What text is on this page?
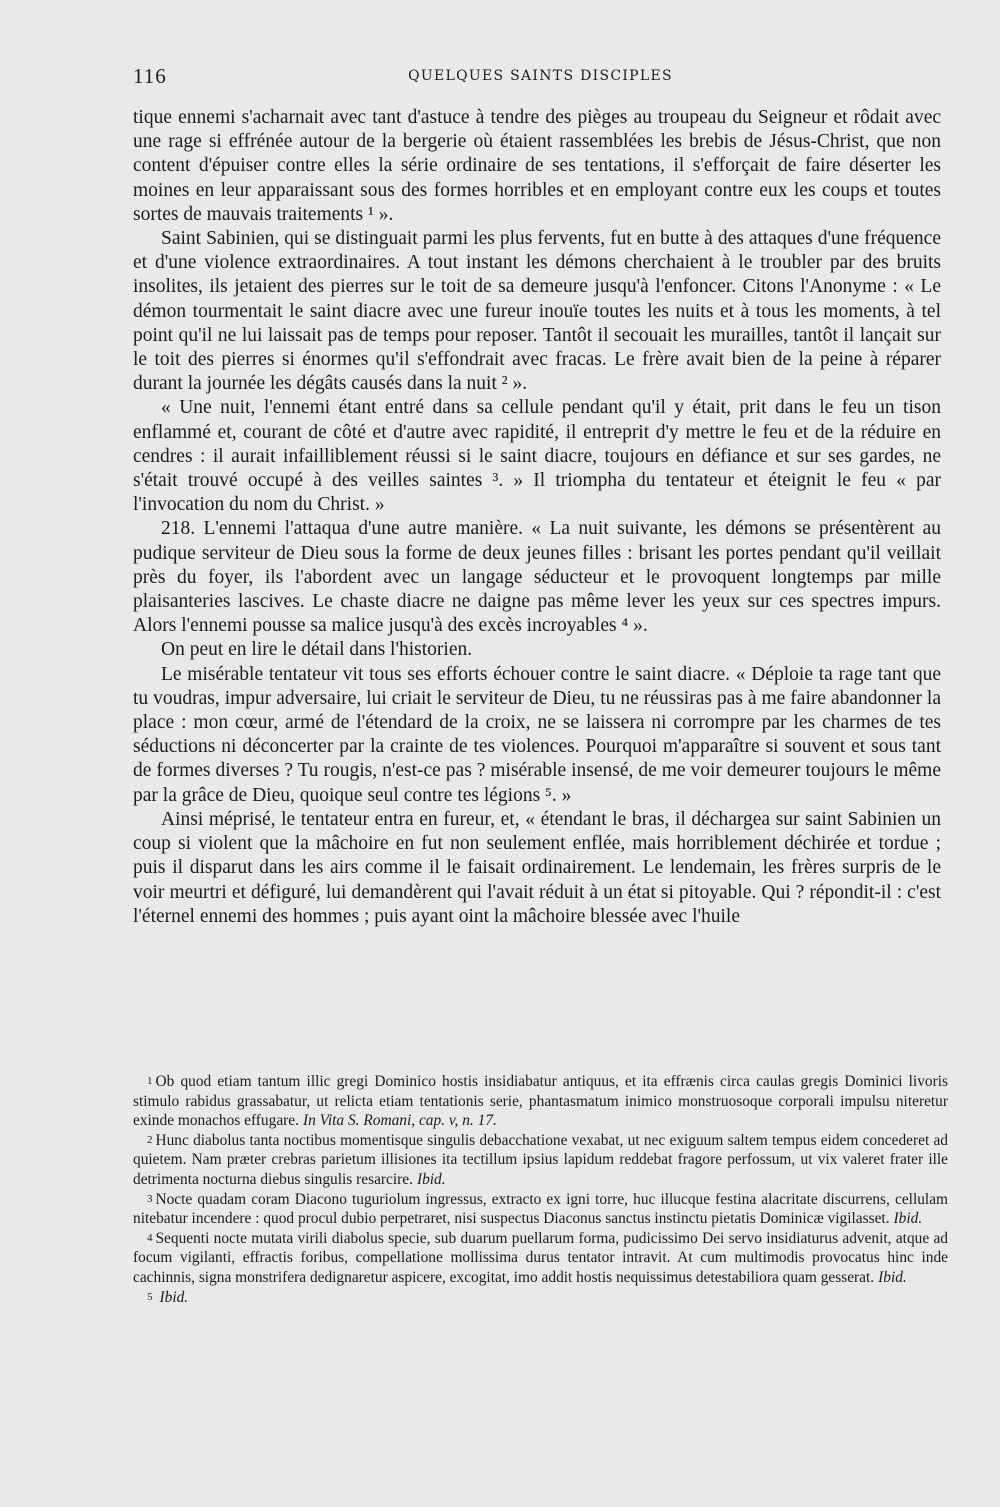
116	QUELQUES SAINTS DISCIPLES

tique ennemi s'acharnait avec tant d'astuce à tendre des pièges au troupeau du Seigneur et rôdait avec une rage si effrénée autour de la bergerie où étaient rassemblées les brebis de Jésus-Christ, que non content d'épuiser contre elles la série ordinaire de ses tentations, il s'efforçait de faire déserter les moines en leur apparaissant sous des formes horribles et en employant contre eux les coups et toutes sortes de mauvais traitements ¹ ».

Saint Sabinien, qui se distinguait parmi les plus fervents, fut en butte à des attaques d'une fréquence et d'une violence extraordinaires. A tout instant les démons cherchaient à le troubler par des bruits insolites, ils jetaient des pierres sur le toit de sa demeure jusqu'à l'enfoncer. Citons l'Anonyme : « Le démon tourmentait le saint diacre avec une fureur inouïe toutes les nuits et à tous les moments, à tel point qu'il ne lui laissait pas de temps pour reposer. Tantôt il secouait les murailles, tantôt il lançait sur le toit des pierres si énormes qu'il s'effondrait avec fracas. Le frère avait bien de la peine à réparer durant la journée les dégâts causés dans la nuit ² ».

« Une nuit, l'ennemi étant entré dans sa cellule pendant qu'il y était, prit dans le feu un tison enflammé et, courant de côté et d'autre avec rapidité, il entreprit d'y mettre le feu et de la réduire en cendres : il aurait infailliblement réussi si le saint diacre, toujours en défiance et sur ses gardes, ne s'était trouvé occupé à des veilles saintes ³. » Il triompha du tentateur et éteignit le feu « par l'invocation du nom du Christ. »

218. L'ennemi l'attaqua d'une autre manière. « La nuit suivante, les démons se présentèrent au pudique serviteur de Dieu sous la forme de deux jeunes filles : brisant les portes pendant qu'il veillait près du foyer, ils l'abordent avec un langage séducteur et le provoquent longtemps par mille plaisanteries lascives. Le chaste diacre ne daigne pas même lever les yeux sur ces spectres impurs. Alors l'ennemi pousse sa malice jusqu'à des excès incroyables ⁴ ».

On peut en lire le détail dans l'historien.

Le misérable tentateur vit tous ses efforts échouer contre le saint diacre. « Déploie ta rage tant que tu voudras, impur adversaire, lui criait le serviteur de Dieu, tu ne réussiras pas à me faire abandonner la place : mon cœur, armé de l'étendard de la croix, ne se laissera ni corrompre par les charmes de tes séductions ni déconcerter par la crainte de tes violences. Pourquoi m'apparaître si souvent et sous tant de formes diverses ? Tu rougis, n'est-ce pas ? misérable insensé, de me voir demeurer toujours le même par la grâce de Dieu, quoique seul contre tes légions ⁵. »

Ainsi méprisé, le tentateur entra en fureur, et, « étendant le bras, il déchargea sur saint Sabinien un coup si violent que la mâchoire en fut non seulement enflée, mais horriblement déchirée et tordue ; puis il disparut dans les airs comme il le faisait ordinairement. Le lendemain, les frères surpris de le voir meurtri et défiguré, lui demandèrent qui l'avait réduit à un état si pitoyable. Qui ? répondit-il : c'est l'éternel ennemi des hommes ; puis ayant oint la mâchoire blessée avec l'huile

1 Ob quod etiam tantum illic gregi Dominico hostis insidiabatur antiquus, et ita effrænis circa caulas gregis Dominici livoris stimulo rabidus grassabatur, ut relicta etiam tentationis serie, phantasmatum inimico monstruosoque corporali impulsu niteretur exinde monachos effugare. In Vita S. Romani, cap. v, n. 17.

2 Hunc diabolus tanta noctibus momentisque singulis debacchatione vexabat, ut nec exiguum saltem tempus eidem concederet ad quietem. Nam præter crebras parietum illisiones ita tectillum ipsius lapidum reddebat fragore perfossum, ut vix valeret frater ille detrimenta nocturna diebus singulis resarcire. Ibid.

3 Nocte quadam coram Diacono tuguriolum ingressus, extracto ex igni torre, huc illucque festina alacritate discurrens, cellulam nitebatur incendere : quod procul dubio perpetraret, nisi suspectus Diaconus sanctus instinctu pietatis Dominicæ vigilasset. Ibid.

4 Sequenti nocte mutata virili diabolus specie, sub duarum puellarum forma, pudicissimo Dei servo insidiaturus advenit, atque ad focum vigilanti, effractis foribus, compellatione mollissima durus tentator intravit. At cum multimodis provocatus hinc inde cachinnis, signa monstrifera dedignaretur aspicere, excogitat, imo addit hostis nequissimus detestabiliora quam gesserat. Ibid.

5 Ibid.
